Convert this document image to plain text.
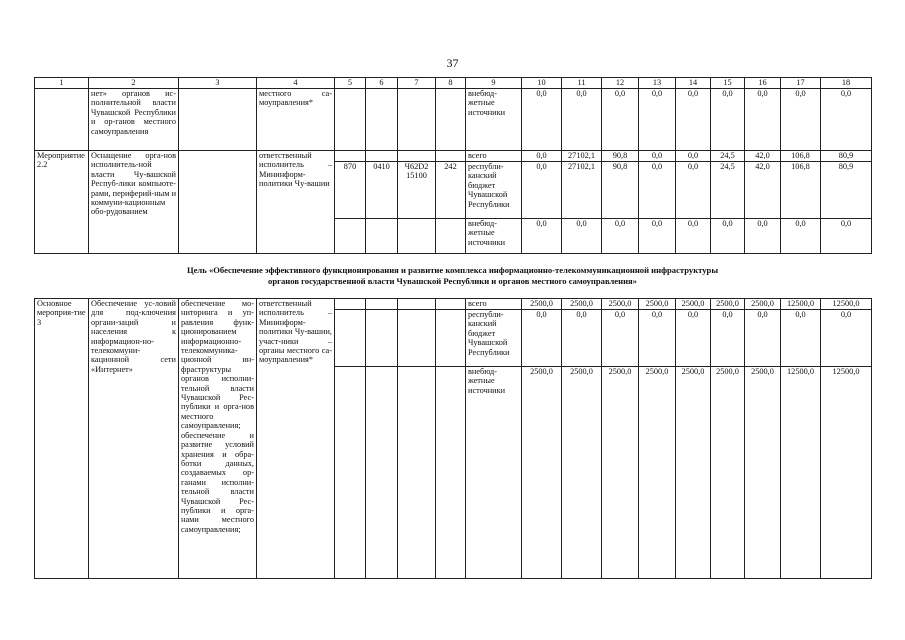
37
1	2	3	4	5	6	7	8	9	10	11	12	13	14	15	16	17	18
	нет» органов ис-полнительной власти Чувашской Республики и ор-ганов местного самоуправления		местного са-моуправления*					внебюд-жетные источники	0,0	0,0	0,0	0,0	0,0	0,0	0,0	0,0	0,0
Мероприятие 2.2	Оснащение орга-нов исполнитель-ной власти Чу-вашской Респуб-лики компьюте-рами, периферий-ным и коммуни-кационным обо-рудованием		ответственный исполнитель – Мининформ-политики Чу-вашии					всего	0,0	27102,1	90,8	0,0	0,0	24,5	42,0	106,8	80,9
				870	0410	Ч62D2 15100	242	республи-канский бюджет Чувашской Республики	0,0	27102,1	90,8	0,0	0,0	24,5	42,0	106,8	80,9
								внебюд-жетные источники	0,0	0,0	0,0	0,0	0,0	0,0	0,0	0,0	0,0
Цель «Обеспечение эффективного функционирования и развитие комплекса информационно-телекоммуникационной инфраструктуры
органов государственной власти Чувашской Республики и органов местного самоуправления»
Основное мероприя-тие 3	Обеспечение ус-ловий для под-ключения органи-заций и населения к информацион-но-телекоммуни-кационной сети «Интернет»	обеспечение мо-ниторинга и уп-равления функ-ционированием информационно-телекоммуника-ционной ин-фраструктуры органов исполни-тельной власти Чувашской Рес-публики и орга-нов местного самоуправления; обеспечение и развитие условий хранения и обра-ботки данных, создаваемых ор-ганами исполни-тельной власти Чувашской Рес-публики и орга-нами местного самоуправления;	ответственный исполнитель – Мининформ-политики Чу-вашии, участ-ники – органы местного са-моуправления*					всего	2500,0	2500,0	2500,0	2500,0	2500,0	2500,0	2500,0	12500,0	12500,0
								республи-канский бюджет Чувашской Республики	0,0	0,0	0,0	0,0	0,0	0,0	0,0	0,0	0,0
								внебюд-жетные источники	2500,0	2500,0	2500,0	2500,0	2500,0	2500,0	2500,0	12500,0	12500,0
